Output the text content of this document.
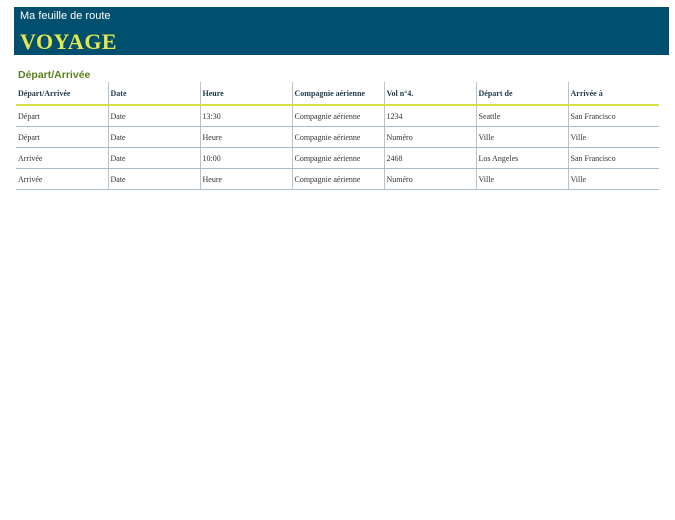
Ma feuille de route
VOYAGE
Départ/Arrivée
Départ/Arrivée	Date	Heure	Compagnie aérienne	Vol n°4.	Départ de	Arrivée à
Départ	Date	13:30	Compagnie aérienne	1234	Seattle	San Francisco
Départ	Date	Heure	Compagnie aérienne	Numéro	Ville	Ville
Arrivée	Date	10:00	Compagnie aérienne	2468	Los Angeles	San Francisco
Arrivée	Date	Heure	Compagnie aérienne	Numéro	Ville	Ville
